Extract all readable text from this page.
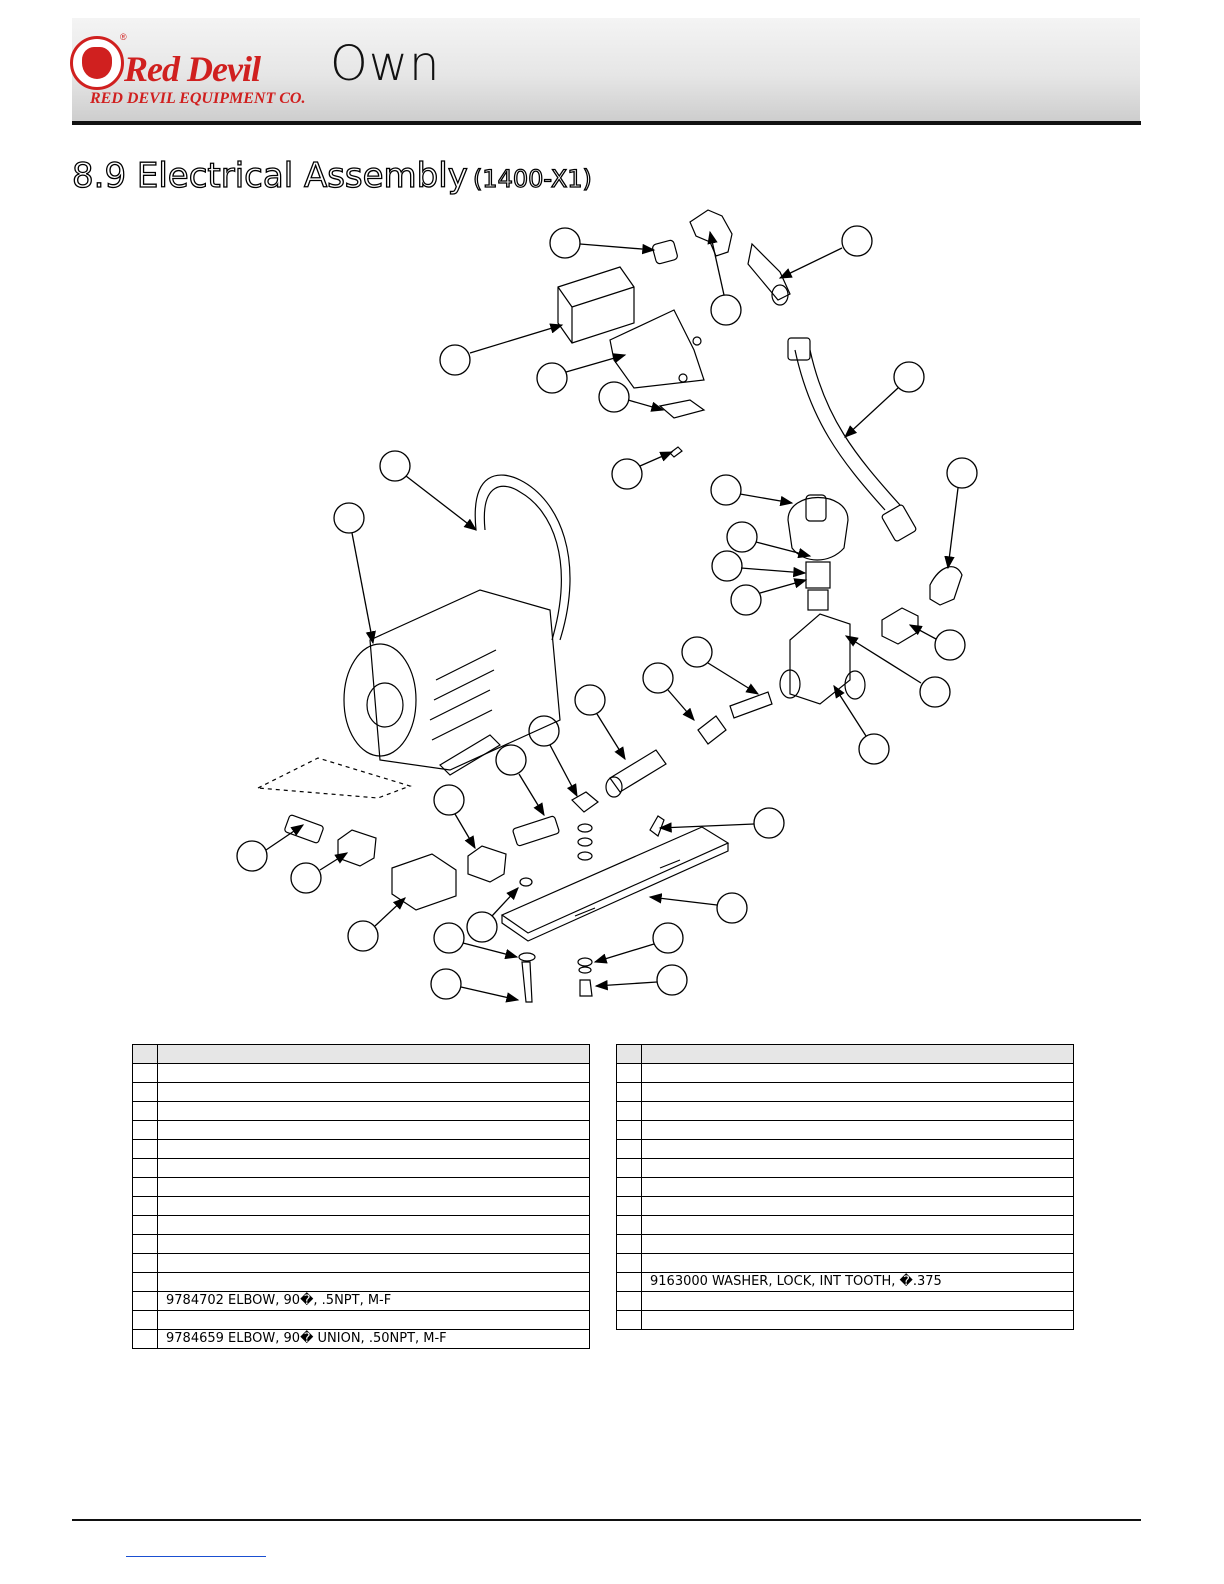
®
Red Devil
RED DEVIL EQUIPMENT CO.
Own
8.9 Electrical Assembly (1400-X1)

	9784702 ELBOW, 90�, .5NPT, M-F

	9784659 ELBOW, 90� UNION, .50NPT, M-F

	9163000 WASHER, LOCK, INT TOOTH, �.375
